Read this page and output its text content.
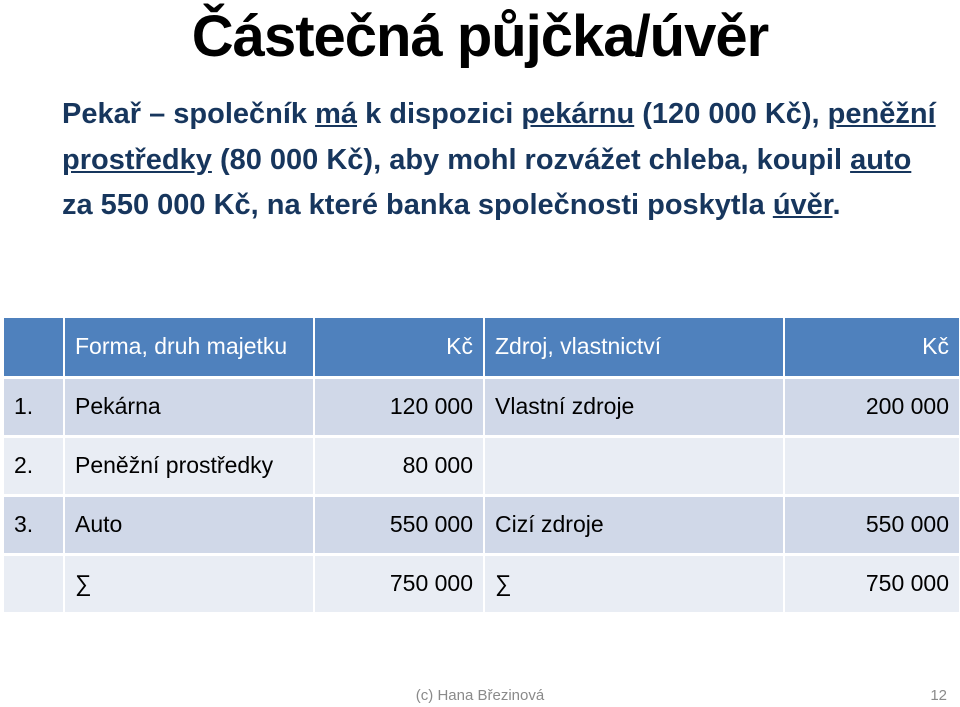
Částečná půjčka/úvěr
Pekař – společník má k dispozici pekárnu (120 000 Kč), peněžní prostředky (80 000 Kč), aby mohl rozvážet chleba, koupil auto za 550 000 Kč, na které banka společnosti poskytla úvěr.
	Forma, druh majetku	Kč	Zdroj, vlastnictví	Kč
1.	Pekárna	120 000	Vlastní zdroje	200 000
2.	Peněžní prostředky	80 000		
3.	Auto	550 000	Cizí zdroje	550 000
	∑	750 000	∑	750 000
(c) Hana Březinová	12
